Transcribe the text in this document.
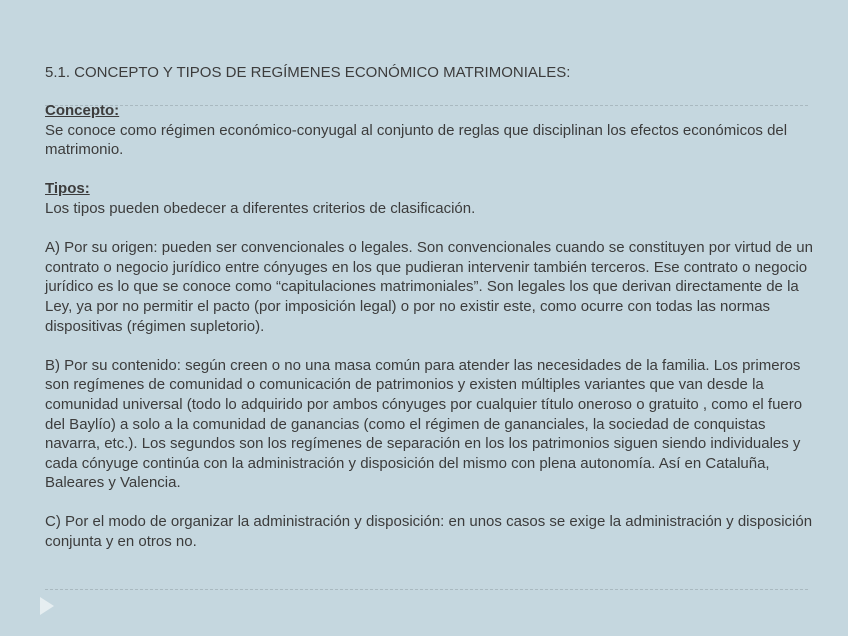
5.1. CONCEPTO Y TIPOS DE REGÍMENES ECONÓMICO MATRIMONIALES:
Concepto:

Se conoce como régimen económico-conyugal al conjunto de reglas que disciplinan los efectos económicos del matrimonio.

Tipos:

Los tipos pueden obedecer a diferentes criterios de clasificación.

A) Por su origen: pueden ser convencionales o legales. Son convencionales cuando se constituyen por virtud de un contrato o negocio jurídico entre cónyuges en los que pudieran intervenir también terceros. Ese contrato o negocio jurídico es lo que se conoce como “capitulaciones matrimoniales”. Son legales los que derivan directamente de la Ley, ya por no permitir el pacto (por imposición legal) o por no existir este, como ocurre con todas las normas dispositivas (régimen supletorio).

B) Por su contenido: según creen o no una masa común para atender las necesidades de la familia. Los primeros son regímenes de comunidad o comunicación de patrimonios y existen múltiples variantes que van desde la comunidad universal (todo lo adquirido por ambos cónyuges por cualquier título oneroso o gratuito , como el fuero del Baylío) a solo a la comunidad de ganancias (como el régimen de gananciales, la sociedad de conquistas navarra, etc.). Los segundos son los regímenes de separación en los los patrimonios siguen siendo individuales y cada cónyuge continúa con la administración y disposición del mismo con plena autonomía. Así en Cataluña, Baleares y Valencia.

C) Por el modo de organizar la administración y disposición: en unos casos se exige la administración y disposición conjunta y en otros no.
